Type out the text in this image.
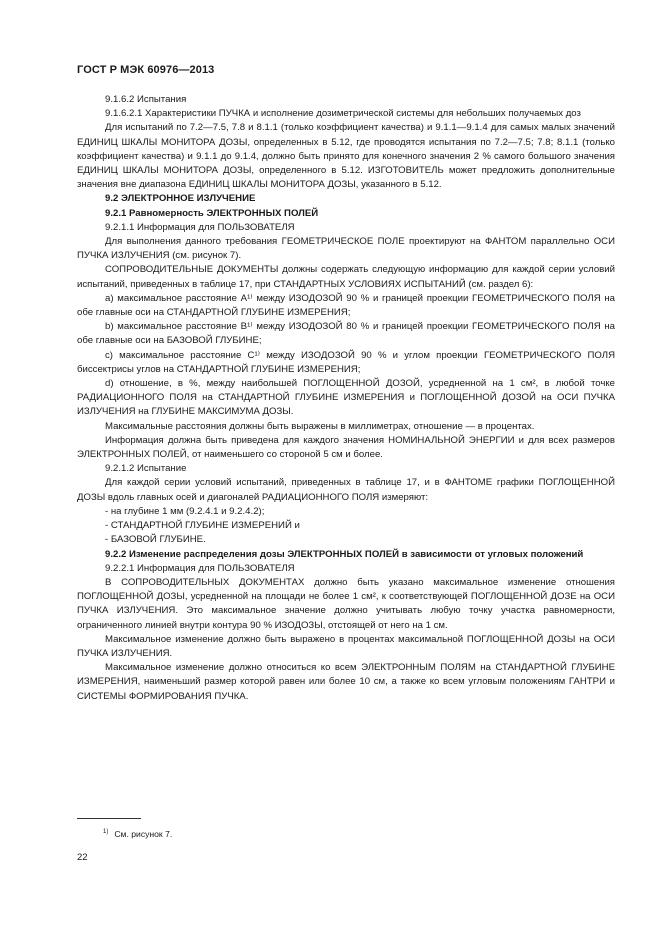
ГОСТ Р МЭК 60976—2013

9.1.6.2 Испытания

9.1.6.2.1 Характеристики ПУЧКА и исполнение дозиметрической системы для небольших получаемых доз

Для испытаний по 7.2—7.5, 7.8 и 8.1.1 (только коэффициент качества) и 9.1.1—9.1.4 для самых малых значений ЕДИНИЦ ШКАЛЫ МОНИТОРА ДОЗЫ, определенных в 5.12, где проводятся испытания по 7.2—7.5; 7.8; 8.1.1 (только коэффициент качества) и 9.1.1 до 9.1.4, должно быть принято для конечного значения 2 % самого большого значения ЕДИНИЦ ШКАЛЫ МОНИТОРА ДОЗЫ, определенного в 5.12. ИЗГОТОВИТЕЛЬ может предложить дополнительные значения вне диапазона ЕДИНИЦ ШКАЛЫ МОНИТОРА ДОЗЫ, указанного в 5.12.

9.2 ЭЛЕКТРОННОЕ ИЗЛУЧЕНИЕ

9.2.1 Равномерность ЭЛЕКТРОННЫХ ПОЛЕЙ

9.2.1.1 Информация для ПОЛЬЗОВАТЕЛЯ

Для выполнения данного требования ГЕОМЕТРИЧЕСКОЕ ПОЛЕ проектируют на ФАНТОМ параллельно ОСИ ПУЧКА ИЗЛУЧЕНИЯ (см. рисунок 7).

СОПРОВОДИТЕЛЬНЫЕ ДОКУМЕНТЫ должны содержать следующую информацию для каждой серии условий испытаний, приведенных в таблице 17, при СТАНДАРТНЫХ УСЛОВИЯХ ИСПЫТАНИЙ (см. раздел 6):

a) максимальное расстояние A¹⁾ между ИЗОДОЗОЙ 90 % и границей проекции ГЕОМЕТРИЧЕСКОГО ПОЛЯ на обе главные оси на СТАНДАРТНОЙ ГЛУБИНЕ ИЗМЕРЕНИЯ;

b) максимальное расстояние B¹⁾ между ИЗОДОЗОЙ 80 % и границей проекции ГЕОМЕТРИЧЕСКОГО ПОЛЯ на обе главные оси на БАЗОВОЙ ГЛУБИНЕ;

c) максимальное расстояние C¹⁾ между ИЗОДОЗОЙ 90 % и углом проекции ГЕОМЕТРИЧЕСКОГО ПОЛЯ биссектрисы углов на СТАНДАРТНОЙ ГЛУБИНЕ ИЗМЕРЕНИЯ;

d) отношение, в %, между наибольшей ПОГЛОЩЕННОЙ ДОЗОЙ, усредненной на 1 см², в любой точке РАДИАЦИОННОГО ПОЛЯ на СТАНДАРТНОЙ ГЛУБИНЕ ИЗМЕРЕНИЯ и ПОГЛОЩЕННОЙ ДОЗОЙ на ОСИ ПУЧКА ИЗЛУЧЕНИЯ на ГЛУБИНЕ МАКСИМУМА ДОЗЫ.

Максимальные расстояния должны быть выражены в миллиметрах, отношение — в процентах.

Информация должна быть приведена для каждого значения НОМИНАЛЬНОЙ ЭНЕРГИИ и для всех размеров ЭЛЕКТРОННЫХ ПОЛЕЙ, от наименьшего со стороной 5 см и более.

9.2.1.2 Испытание

Для каждой серии условий испытаний, приведенных в таблице 17, и в ФАНТОМЕ графики ПОГЛОЩЕННОЙ ДОЗЫ вдоль главных осей и диагоналей РАДИАЦИОННОГО ПОЛЯ измеряют:

- на глубине 1 мм (9.2.4.1 и 9.2.4.2);

- СТАНДАРТНОЙ ГЛУБИНЕ ИЗМЕРЕНИЙ и

- БАЗОВОЙ ГЛУБИНЕ.

9.2.2 Изменение распределения дозы ЭЛЕКТРОННЫХ ПОЛЕЙ в зависимости от угловых положений

9.2.2.1 Информация для ПОЛЬЗОВАТЕЛЯ

В СОПРОВОДИТЕЛЬНЫХ ДОКУМЕНТАХ должно быть указано максимальное изменение отношения ПОГЛОЩЕННОЙ ДОЗЫ, усредненной на площади не более 1 см², к соответствующей ПОГЛОЩЕННОЙ ДОЗЕ на ОСИ ПУЧКА ИЗЛУЧЕНИЯ. Это максимальное значение должно учитывать любую точку участка равномерности, ограниченного линией внутри контура 90 % ИЗОДОЗЫ, отстоящей от него на 1 см.

Максимальное изменение должно быть выражено в процентах максимальной ПОГЛОЩЕННОЙ ДОЗЫ на ОСИ ПУЧКА ИЗЛУЧЕНИЯ.

Максимальное изменение должно относиться ко всем ЭЛЕКТРОННЫМ ПОЛЯМ на СТАНДАРТНОЙ ГЛУБИНЕ ИЗМЕРЕНИЯ, наименьший размер которой равен или более 10 см, а также ко всем угловым положениям ГАНТРИ и СИСТЕМЫ ФОРМИРОВАНИЯ ПУЧКА.

$^{1)}$ См. рисунок 7.
22
